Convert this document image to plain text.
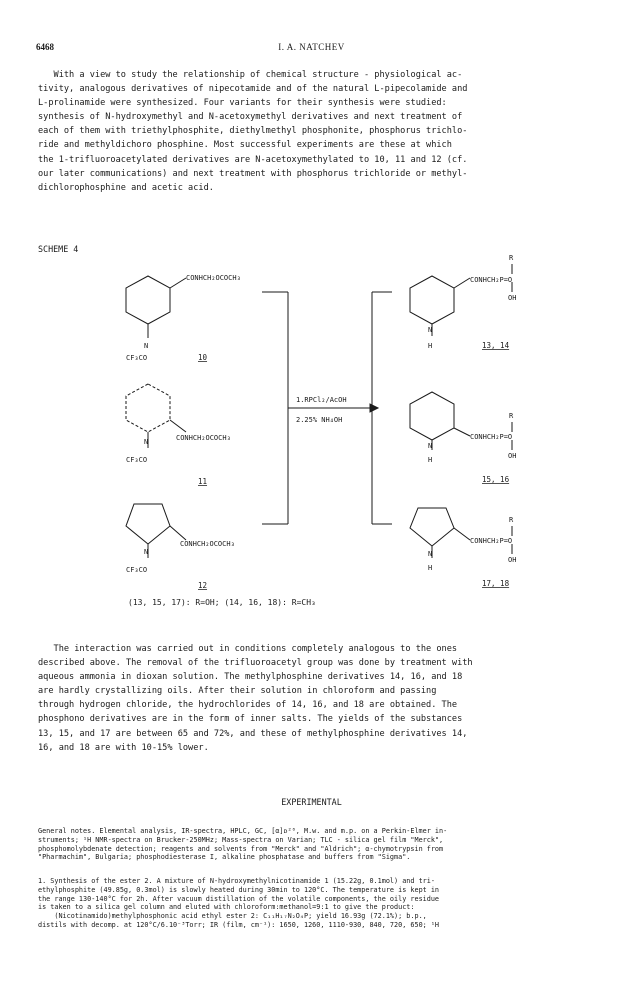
6468	I. A. NATCHEV
With a view to study the relationship of chemical structure - physiological ac-
tivity, analogous derivatives of nipecotamide and of the natural L-pipecolamide and
L-prolinamide were synthesized. Four variants for their synthesis were studied:
synthesis of N-hydroxymethyl and N-acetoxymethyl derivatives and next treatment of
each of them with triethylphosphite, diethylmethyl phosphonite, phosphorus trichlo-
ride and methyldichoro phosphine. Most successful experiments are these at which
the 1-trifluoroacetylated derivatives are N-acetoxymethylated to 10, 11 and 12 (cf.
our later communications) and next treatment with phosphorus trichloride or methyl-
dichlorophosphine and acetic acid.
SCHEME 4
CONHCH₂OCOCH₃
N
CF₃CO	10
N	CONHCH₂OCOCH₃
CF₃CO
11
N
CONHCH₂OCOCH₃
CF₃CO
12
1.RPCl₂/AcOH
2.25% NH₄OH
R
CONHCH₂P=O
OH
N
H	13, 14
R
CONHCH₂P=O
OH
N
H
15, 16
R
CONHCH₂P=O
OH
N
H
17, 18
(13, 15, 17): R=OH; (14, 16, 18): R=CH₃
The interaction was carried out in conditions completely analogous to the ones
described above. The removal of the trifluoroacetyl group was done by treatment with
aqueous ammonia in dioxan solution. The methylphosphine derivatives 14, 16, and 18
are hardly crystallizing oils. After their solution in chloroform and passing
through hydrogen chloride, the hydrochlorides of 14, 16, and 18 are obtained. The
phosphono derivatives are in the form of inner salts. The yields of the substances
13, 15, and 17 are between 65 and 72%, and these of methylphosphine derivatives 14,
16, and 18 are with 10-15% lower.
EXPERIMENTAL
General notes. Elemental analysis, IR-spectra, HPLC, GC, [α]ᴅ²⁰, M.w. and m.p. on a Perkin-Elmer in-
struments; ¹H NMR-spectra on Brucker-250MHz; Mass-spectra on Varian; TLC - silica gel film "Merck",
phosphomolybdenate detection; reagents and solvents from "Merck" and "Aldrich"; α-chymotrypsin from
"Pharmachim", Bulgaria; phosphodiesterase I, alkaline phosphatase and buffers from "Sigma".
1. Synthesis of the ester 2. A mixture of N-hydroxymethylnicotinamide 1 (15.22g, 0.1mol) and tri-
ethylphosphite (49.85g, 0.3mol) is slowly heated during 30min to 120°C. The temperature is kept in
the range 130-140°C for 2h. After vacuum distillation of the volatile components, the oily residue
is taken to a silica gel column and eluted with chloroform:methanol=9:1 to give the product:
(Nicotinamido)methylphosphonic acid ethyl ester 2: C₁₁H₁₇N₂O₄P; yield 16.93g (72.1%); b.p.,
distils with decomp. at 120°C/6.10⁻³Torr; IR (film, cm⁻¹): 1650, 1260, 1110-930, 840, 720, 650; ¹H
